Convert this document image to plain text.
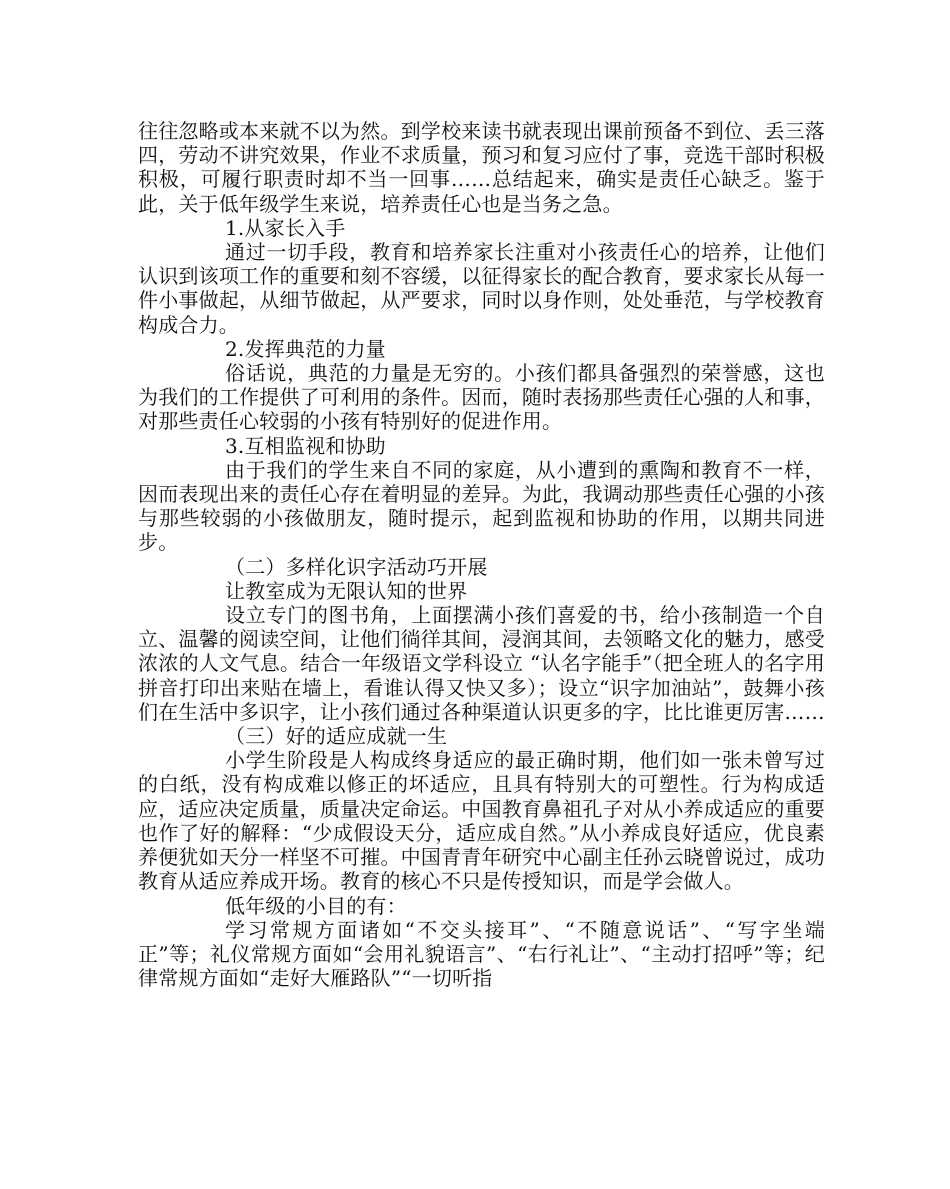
往往忽略或本来就不以为然。到学校来读书就表现出课前预备不到位、丢三落四，劳动不讲究效果，作业不求质量，预习和复习应付了事，竞选干部时积极积极，可履行职责时却不当一回事……总结起来，确实是责任心缺乏。鉴于此，关于低年级学生来说，培养责任心也是当务之急。

1.从家长入手

通过一切手段，教育和培养家长注重对小孩责任心的培养，让他们认识到该项工作的重要和刻不容缓，以征得家长的配合教育，要求家长从每一件小事做起，从细节做起，从严要求，同时以身作则，处处垂范，与学校教育构成合力。

2.发挥典范的力量

俗话说，典范的力量是无穷的。小孩们都具备强烈的荣誉感，这也为我们的工作提供了可利用的条件。因而，随时表扬那些责任心强的人和事，对那些责任心较弱的小孩有特别好的促进作用。

3.互相监视和协助

由于我们的学生来自不同的家庭，从小遭到的熏陶和教育不一样，因而表现出来的责任心存在着明显的差异。为此，我调动那些责任心强的小孩与那些较弱的小孩做朋友，随时提示，起到监视和协助的作用，以期共同进步。

（二）多样化识字活动巧开展

让教室成为无限认知的世界

设立专门的图书角，上面摆满小孩们喜爱的书，给小孩制造一个自立、温馨的阅读空间，让他们徜徉其间，浸润其间，去领略文化的魅力，感受浓浓的人文气息。结合一年级语文学科设立 “认名字能手”（把全班人的名字用拼音打印出来贴在墙上，看谁认得又快又多）；设立“识字加油站”，鼓舞小孩们在生活中多识字，让小孩们通过各种渠道认识更多的字，比比谁更厉害……

（三）好的适应成就一生

小学生阶段是人构成终身适应的最正确时期，他们如一张未曾写过的白纸，没有构成难以修正的坏适应，且具有特别大的可塑性。行为构成适应，适应决定质量，质量决定命运。中国教育鼻祖孔子对从小养成适应的重要也作了好的解释：“少成假设天分，适应成自然。”从小养成良好适应，优良素养便犹如天分一样坚不可摧。中国青青年研究中心副主任孙云晓曾说过，成功教育从适应养成开场。教育的核心不只是传授知识，而是学会做人。

低年级的小目的有：

学习常规方面诸如“不交头接耳”、“不随意说话”、“写字坐端正”等；礼仪常规方面如“会用礼貌语言”、“右行礼让”、“主动打招呼”等；纪律常规方面如“走好大雁路队”“一切听指
